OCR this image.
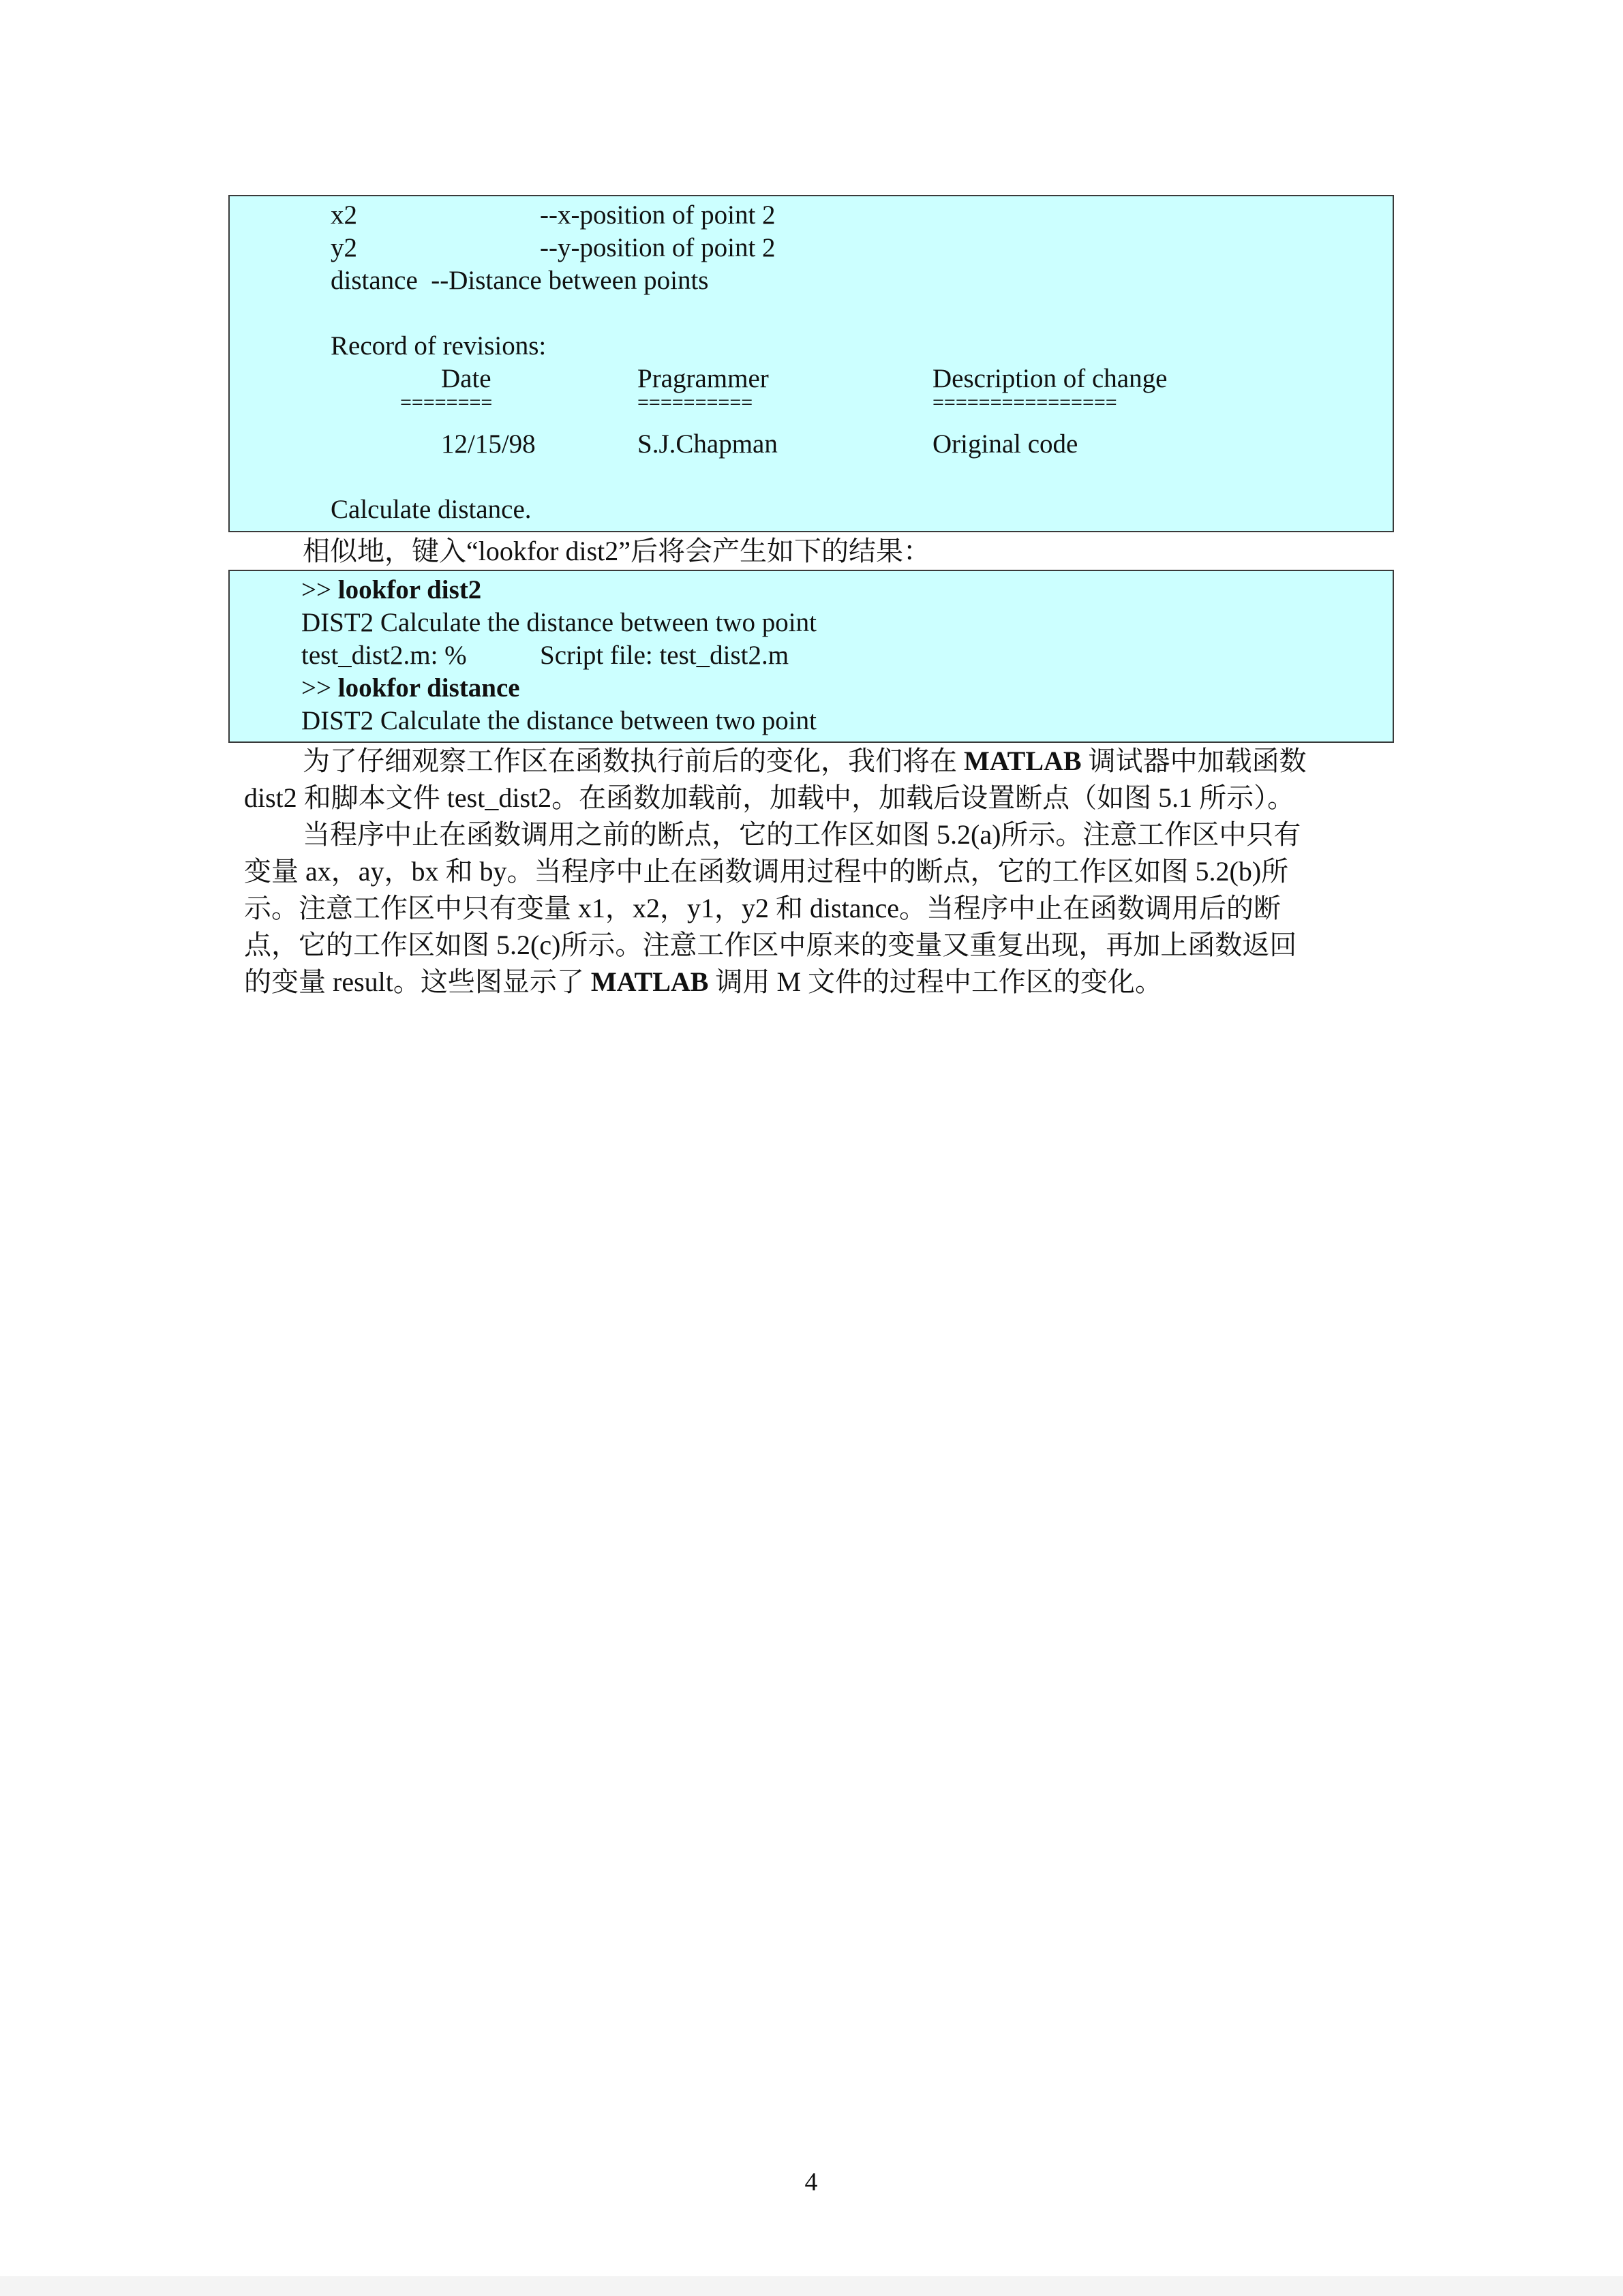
x2	--x-position of point 2
y2	--y-position of point 2
distance  --Distance between points
Record of revisions:
Date	Pragrammer	Description of change
========	==========	================
12/15/98	S.J.Chapman	Original code
Calculate distance.
相似地，键入“lookfor dist2”后将会产生如下的结果：
>> lookfor dist2
DIST2 Calculate the distance between two point
test_dist2.m: %	Script file: test_dist2.m
>> lookfor distance
DIST2 Calculate the distance between two point
为了仔细观察工作区在函数执行前后的变化，我们将在 MATLAB 调试器中加载函数
dist2 和脚本文件 test_dist2。在函数加载前，加载中，加载后设置断点（如图 5.1 所示）。
当程序中止在函数调用之前的断点，它的工作区如图 5.2(a)所示。注意工作区中只有
变量 ax，ay，bx 和 by。当程序中止在函数调用过程中的断点，它的工作区如图 5.2(b)所
示。注意工作区中只有变量 x1，x2，y1，y2 和 distance。当程序中止在函数调用后的断
点，它的工作区如图 5.2(c)所示。注意工作区中原来的变量又重复出现，再加上函数返回
的变量 result。这些图显示了 MATLAB 调用 M 文件的过程中工作区的变化。
4
